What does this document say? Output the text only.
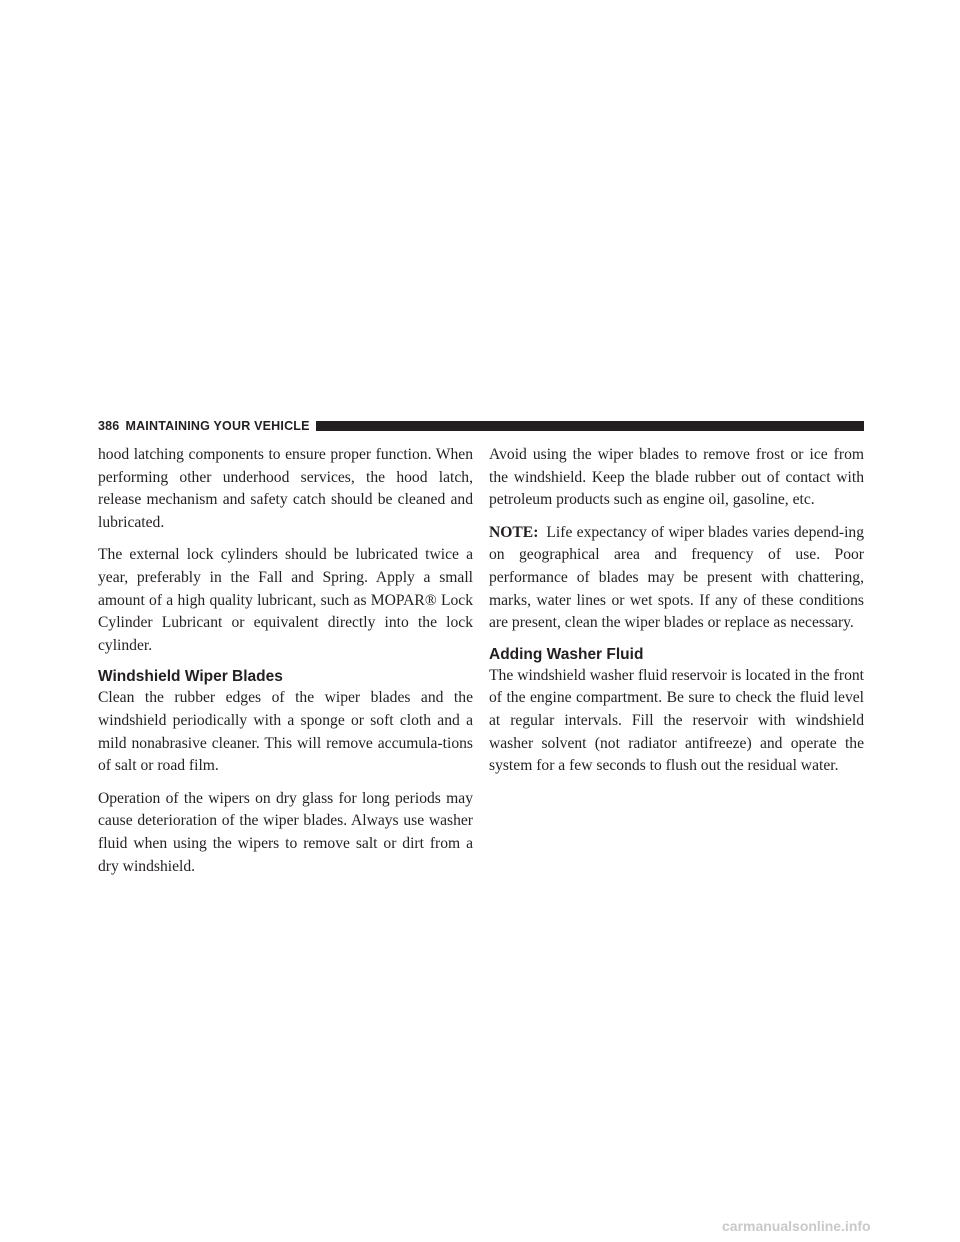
386 MAINTAINING YOUR VEHICLE

hood latching components to ensure proper function. When performing other underhood services, the hood latch, release mechanism and safety catch should be cleaned and lubricated.

The external lock cylinders should be lubricated twice a year, preferably in the Fall and Spring. Apply a small amount of a high quality lubricant, such as MOPAR® Lock Cylinder Lubricant or equivalent directly into the lock cylinder.

Windshield Wiper Blades

Clean the rubber edges of the wiper blades and the windshield periodically with a sponge or soft cloth and a mild nonabrasive cleaner. This will remove accumula-tions of salt or road film.

Operation of the wipers on dry glass for long periods may cause deterioration of the wiper blades. Always use washer fluid when using the wipers to remove salt or dirt from a dry windshield.

Avoid using the wiper blades to remove frost or ice from the windshield. Keep the blade rubber out of contact with petroleum products such as engine oil, gasoline, etc.

NOTE: Life expectancy of wiper blades varies depend-ing on geographical area and frequency of use. Poor performance of blades may be present with chattering, marks, water lines or wet spots. If any of these conditions are present, clean the wiper blades or replace as necessary.

Adding Washer Fluid

The windshield washer fluid reservoir is located in the front of the engine compartment. Be sure to check the fluid level at regular intervals. Fill the reservoir with windshield washer solvent (not radiator antifreeze) and operate the system for a few seconds to flush out the residual water.

carmanualsonline.info
